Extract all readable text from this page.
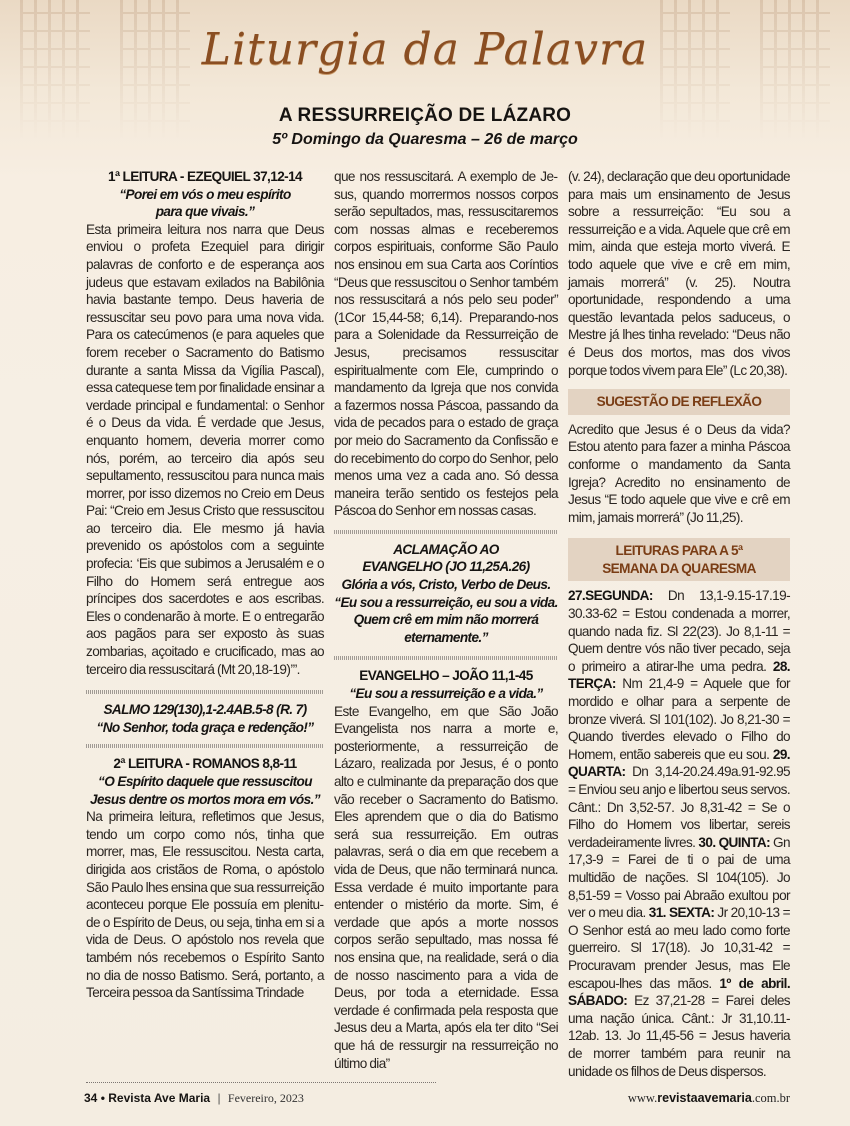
Liturgia da Palavra
A RESSURREIÇÃO DE LÁZARO
5º Domingo da Quaresma – 26 de março

1ª LEITURA - EZEQUIEL 37,12-14

“Porei em vós o meu espírito para que vivais.”

Esta primeira leitura nos narra que Deus enviou o profeta Ezequiel para dirigir palavras de conforto e de esperança aos judeus que estavam exilados na Babilônia havia bastante tempo. Deus haveria de ressuscitar seu povo para uma nova vida. Para os catecúmenos (e para aqueles que forem receber o Sacramento do Batismo durante a santa Missa da Vigília Pascal), essa catequese tem por finalidade ensinar a verdade principal e fundamental: o Senhor é o Deus da vida. É verdade que Jesus, enquanto homem, deveria morrer como nós, porém, ao terceiro dia após seu sepultamento, ressuscitou para nunca mais morrer, por isso dizemos no Creio em Deus Pai: “Creio em Jesus Cristo que ressuscitou ao terceiro dia. Ele mesmo já havia prevenido os apóstolos com a seguinte profecia: ‘Eis que subimos a Jerusalém e o Filho do Homem será entregue aos príncipes dos sacerdotes e aos escribas. Eles o condenarão à morte. E o entregarão aos pagãos para ser exposto às suas zombarias, açoitado e crucificado, mas ao terceiro dia ressuscitará (Mt 20,18-19)’”.

SALMO 129(130),1-2.4AB.5-8 (R. 7)

“No Senhor, toda graça e redenção!”

2ª LEITURA - ROMANOS 8,8-11

“O Espírito daquele que ressuscitou Jesus dentre os mortos mora em vós.”

Na primeira leitura, refletimos que Jesus, tendo um corpo como nós, tinha que morrer, mas, Ele ressuscitou. Nesta carta, dirigida aos cristãos de Roma, o apóstolo São Paulo lhes ensina que sua ressurreição aconteceu porque Ele possuía em plenitude o Espírito de Deus, ou seja, tinha em si a vida de Deus. O apóstolo nos revela que também nós recebemos o Espírito Santo no dia de nosso Batismo. Será, portanto, a Terceira pessoa da Santíssima Trindade

que nos ressuscitará. A exemplo de Jesus, quando morrermos nossos corpos serão sepultados, mas, ressuscitaremos com nossas almas e receberemos corpos espirituais, conforme São Paulo nos ensinou em sua Carta aos Coríntios “Deus que ressuscitou o Senhor também nos ressuscitará a nós pelo seu poder” (1Cor 15,44-58; 6,14). Preparando-nos para a Solenidade da Ressurreição de Jesus, precisamos ressuscitar espiritualmente com Ele, cumprindo o mandamento da Igreja que nos convida a fazermos nossa Páscoa, passando da vida de pecados para o estado de graça por meio do Sacramento da Confissão e do recebimento do corpo do Senhor, pelo menos uma vez a cada ano. Só dessa maneira terão sentido os festejos pela Páscoa do Senhor em nossas casas.

ACLAMAÇÃO AO EVANGELHO (JO 11,25A.26)

Glória a vós, Cristo, Verbo de Deus.

“Eu sou a ressurreição, eu sou a vida. Quem crê em mim não morrerá eternamente.”

EVANGELHO – JOÃO 11,1-45

“Eu sou a ressurreição e a vida.”

Este Evangelho, em que São João Evangelista nos narra a morte e, posteriormente, a ressurreição de Lázaro, realizada por Jesus, é o ponto alto e culminante da preparação dos que vão receber o Sacramento do Batismo. Eles aprendem que o dia do Batismo será sua ressurreição. Em outras palavras, será o dia em que recebem a vida de Deus, que não terminará nunca. Essa verdade é muito importante para entender o mistério da morte. Sim, é verdade que após a morte nossos corpos serão sepultado, mas nossa fé nos ensina que, na realidade, será o dia de nosso nascimento para a vida de Deus, por toda a eternidade. Essa verdade é confirmada pela resposta que Jesus deu a Marta, após ela ter dito “Sei que há de ressurgir na ressurreição no último dia”

(v. 24), declaração que deu oportunidade para mais um ensinamento de Jesus sobre a ressurreição: “Eu sou a ressurreição e a vida. Aquele que crê em mim, ainda que esteja morto viverá. E todo aquele que vive e crê em mim, jamais morrerá” (v. 25). Noutra oportunidade, respondendo a uma questão levantada pelos saduceus, o Mestre já lhes tinha revelado: “Deus não é Deus dos mortos, mas dos vivos porque todos vivem para Ele” (Lc 20,38).

SUGESTÃO DE REFLEXÃO

Acredito que Jesus é o Deus da vida? Estou atento para fazer a minha Páscoa conforme o mandamento da Santa Igreja? Acredito no ensinamento de Jesus “E todo aquele que vive e crê em mim, jamais morrerá” (Jo 11,25).

LEITURAS PARA A 5ª
SEMANA DA QUARESMA

27.SEGUNDA: Dn 13,1-9.15-17.19-30.33-62 = Estou condenada a morrer, quando nada fiz. Sl 22(23). Jo 8,1-11 = Quem dentre vós não tiver pecado, seja o primeiro a atirar-lhe uma pedra. 28. TERÇA: Nm 21,4-9 = Aquele que for mordido e olhar para a serpente de bronze viverá. Sl 101(102). Jo 8,21-30 = Quando tiverdes elevado o Filho do Homem, então sabereis que eu sou. 29. QUARTA: Dn 3,14-20.24.49a.91-92.95 = Enviou seu anjo e libertou seus servos. Cânt.: Dn 3,52-57. Jo 8,31-42 = Se o Filho do Homem vos libertar, sereis verdadeiramente livres. 30. QUINTA: Gn 17,3-9 = Farei de ti o pai de uma multidão de nações. Sl 104(105). Jo 8,51-59 = Vosso pai Abraão exultou por ver o meu dia. 31. SEXTA: Jr 20,10-13 = O Senhor está ao meu lado como forte guerreiro. Sl 17(18). Jo 10,31-42 = Procuravam prender Jesus, mas Ele escapou-lhes das mãos. 1º de abril. SÁBADO: Ez 37,21-28 = Farei deles uma nação única. Cânt.: Jr 31,10.11-12ab. 13. Jo 11,45-56 = Jesus haveria de morrer também para reunir na unidade os filhos de Deus dispersos.

34 • Revista Ave Maria | Fevereiro, 2023	www.revistaavemaria.com.br
